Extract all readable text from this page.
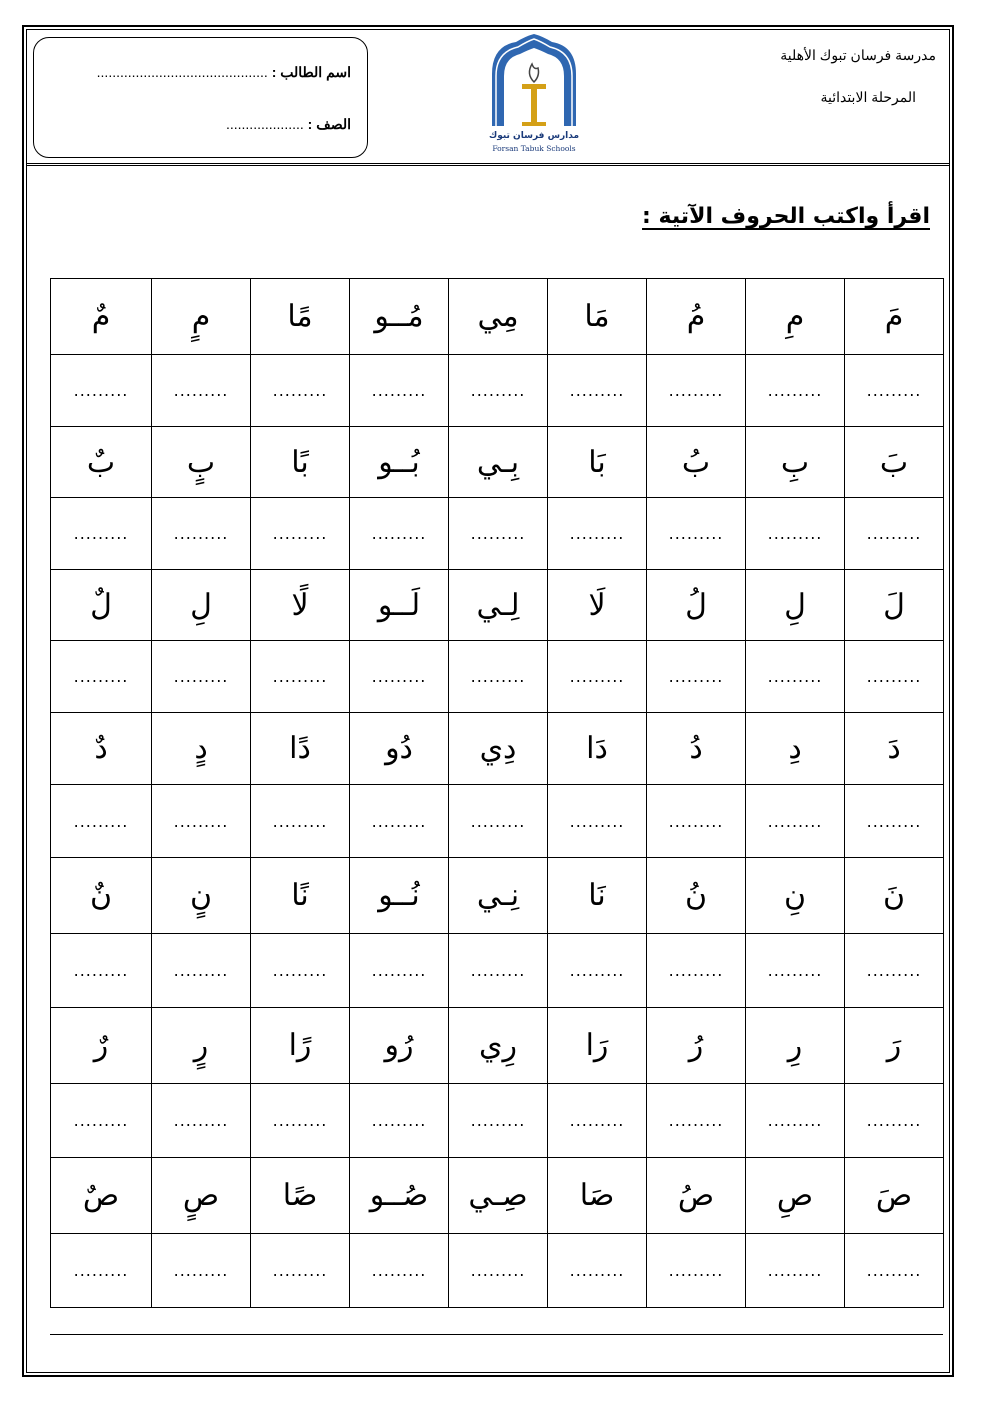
اسم الطالب : ............................................
الصف : ....................
مدارس فرسان تبوك
Forsan Tabuk Schools
مدرسة فرسان تبوك الأهلية
المرحلة الابتدائية
اقرأ واكتب الحروف الآتية :
مَ	مِ	مُ	مَا	مِي	مُــو	مًا	مٍ	مٌ
.........	.........	.........	.........	.........	.........	.........	.........	.........
بَ	بِ	بُ	بَا	بِـي	بُــو	بًا	بٍ	بٌ
.........	.........	.........	.........	.........	.........	.........	.........	.........
لَ	لِ	لُ	لَا	لِـي	لَــو	لًا	لِ	لٌ
.........	.........	.........	.........	.........	.........	.........	.........	.........
دَ	دِ	دُ	دَا	دِي	دُو	دًا	دٍ	دٌ
.........	.........	.........	.........	.........	.........	.........	.........	.........
نَ	نِ	نُ	نَا	نِـي	نُــو	نًا	نٍ	نٌ
.........	.........	.........	.........	.........	.........	.........	.........	.........
رَ	رِ	رُ	رَا	رِي	رُو	رًا	رٍ	رٌ
.........	.........	.........	.........	.........	.........	.........	.........	.........
صَ	صِ	صُ	صَا	صِـي	صُــو	صًا	صٍ	صٌ
.........	.........	.........	.........	.........	.........	.........	.........	.........
